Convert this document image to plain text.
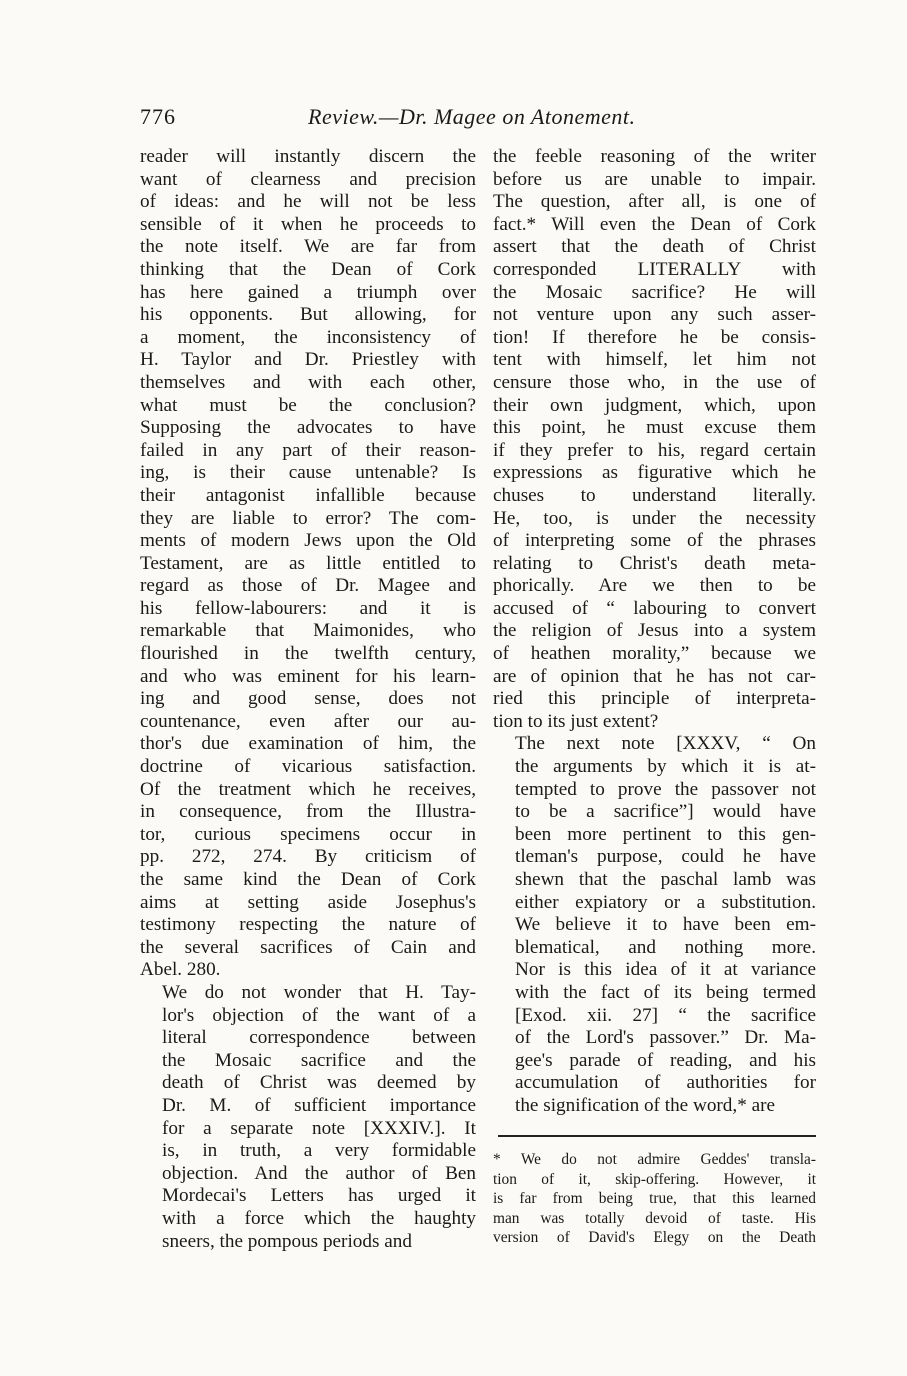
776	Review.—Dr. Magee on Atonement.

reader will instantly discern the
want of clearness and precision
of ideas: and he will not be less
sensible of it when he proceeds to
the note itself. We are far from
thinking that the Dean of Cork
has here gained a triumph over
his opponents. But allowing, for
a moment, the inconsistency of
H. Taylor and Dr. Priestley with
themselves and with each other,
what must be the conclusion?
Supposing the advocates to have
failed in any part of their reason-
ing, is their cause untenable? Is
their antagonist infallible because
they are liable to error? The com-
ments of modern Jews upon the Old
Testament, are as little entitled to
regard as those of Dr. Magee and
his fellow-labourers: and it is
remarkable that Maimonides, who
flourished in the twelfth century,
and who was eminent for his learn-
ing and good sense, does not
countenance, even after our au-
thor's due examination of him, the
doctrine of vicarious satisfaction.
Of the treatment which he receives,
in consequence, from the Illustra-
tor, curious specimens occur in
pp. 272, 274. By criticism of
the same kind the Dean of Cork
aims at setting aside Josephus's
testimony respecting the nature of
the several sacrifices of Cain and
Abel. 280.

We do not wonder that H. Tay-
lor's objection of the want of a
literal correspondence between
the Mosaic sacrifice and the
death of Christ was deemed by
Dr. M. of sufficient importance
for a separate note [XXXIV.]. It
is, in truth, a very formidable
objection. And the author of Ben
Mordecai's Letters has urged it
with a force which the haughty
sneers, the pompous periods and

the feeble reasoning of the writer
before us are unable to impair.
The question, after all, is one of
fact.* Will even the Dean of Cork
assert that the death of Christ
corresponded LITERALLY with
the Mosaic sacrifice? He will
not venture upon any such asser-
tion! If therefore he be consis-
tent with himself, let him not
censure those who, in the use of
their own judgment, which, upon
this point, he must excuse them
if they prefer to his, regard certain
expressions as figurative which he
chuses to understand literally.
He, too, is under the necessity
of interpreting some of the phrases
relating to Christ's death meta-
phorically. Are we then to be
accused of “ labouring to convert
the religion of Jesus into a system
of heathen morality,” because we
are of opinion that he has not car-
ried this principle of interpreta-
tion to its just extent?

The next note [XXXV, “ On
the arguments by which it is at-
tempted to prove the passover not
to be a sacrifice”] would have
been more pertinent to this gen-
tleman's purpose, could he have
shewn that the paschal lamb was
either expiatory or a substitution.
We believe it to have been em-
blematical, and nothing more.
Nor is this idea of it at variance
with the fact of its being termed
[Exod. xii. 27] “ the sacrifice
of the Lord's passover.” Dr. Ma-
gee's parade of reading, and his
accumulation of authorities for
the signification of the word,* are

* We do not admire Geddes' transla-
tion of it, skip-offering. However, it
is far from being true, that this learned
man was totally devoid of taste. His
version of David's Elegy on the Death
